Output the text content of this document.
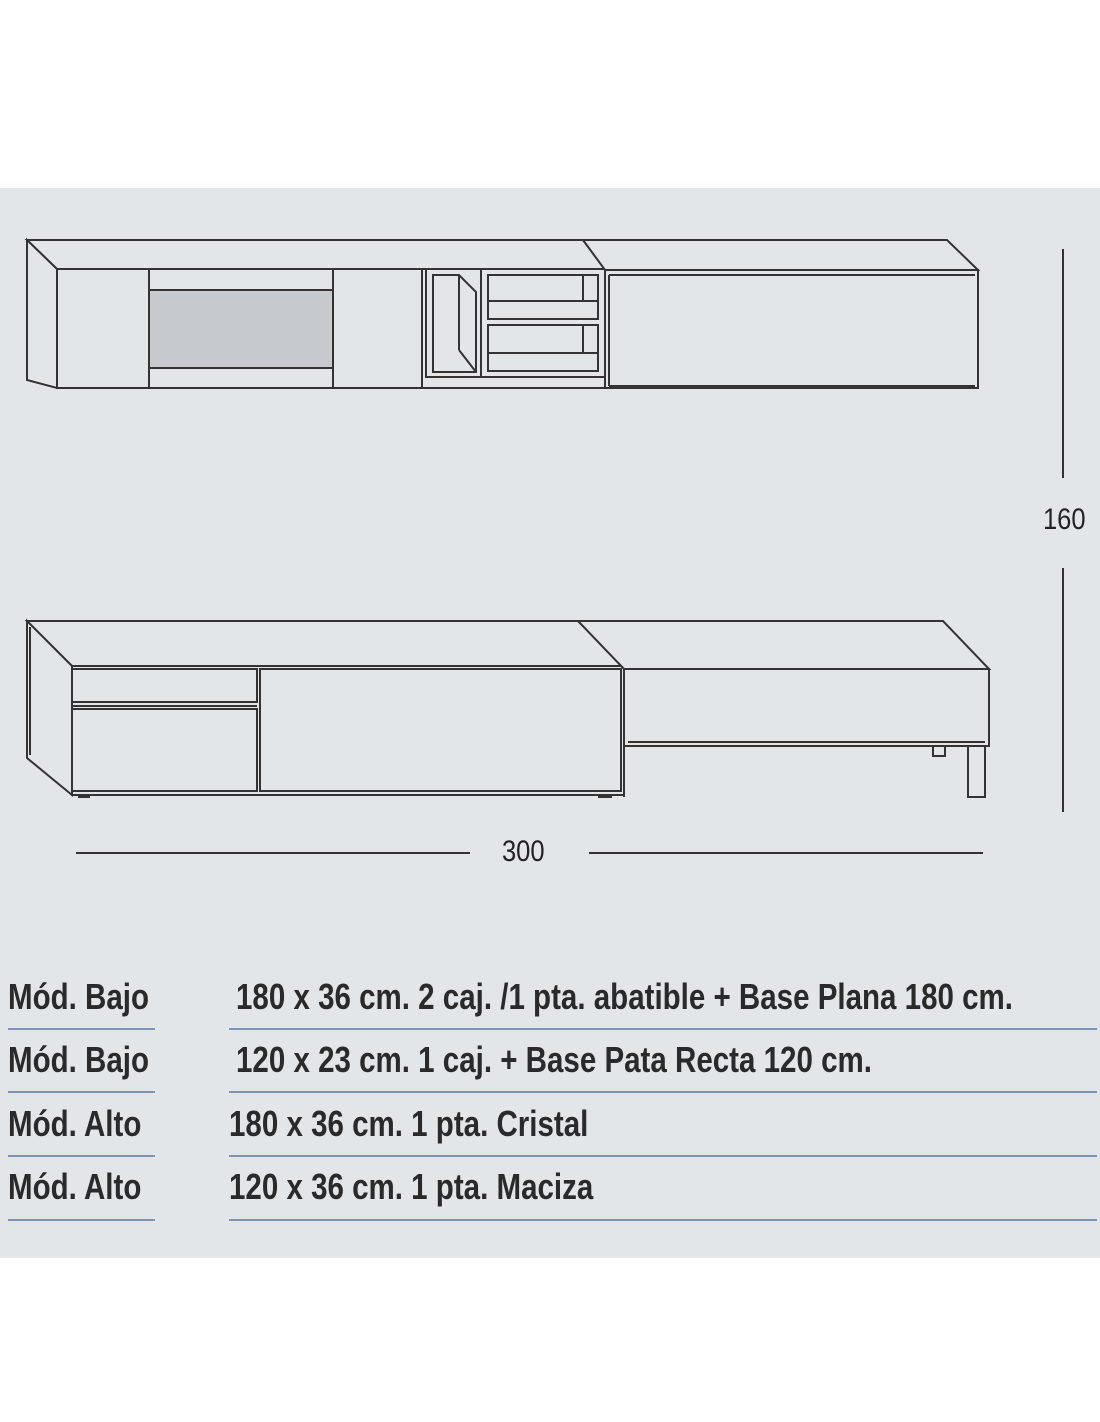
160
300
Mód. Bajo 180 x 36 cm. 2 caj. /1 pta. abatible + Base Plana 180 cm.
Mód. Bajo 120 x 23 cm. 1 caj. + Base Pata Recta 120 cm.
Mód. Alto	180 x 36 cm. 1 pta. Cristal
Mód. Alto	120 x 36 cm. 1 pta. Maciza
